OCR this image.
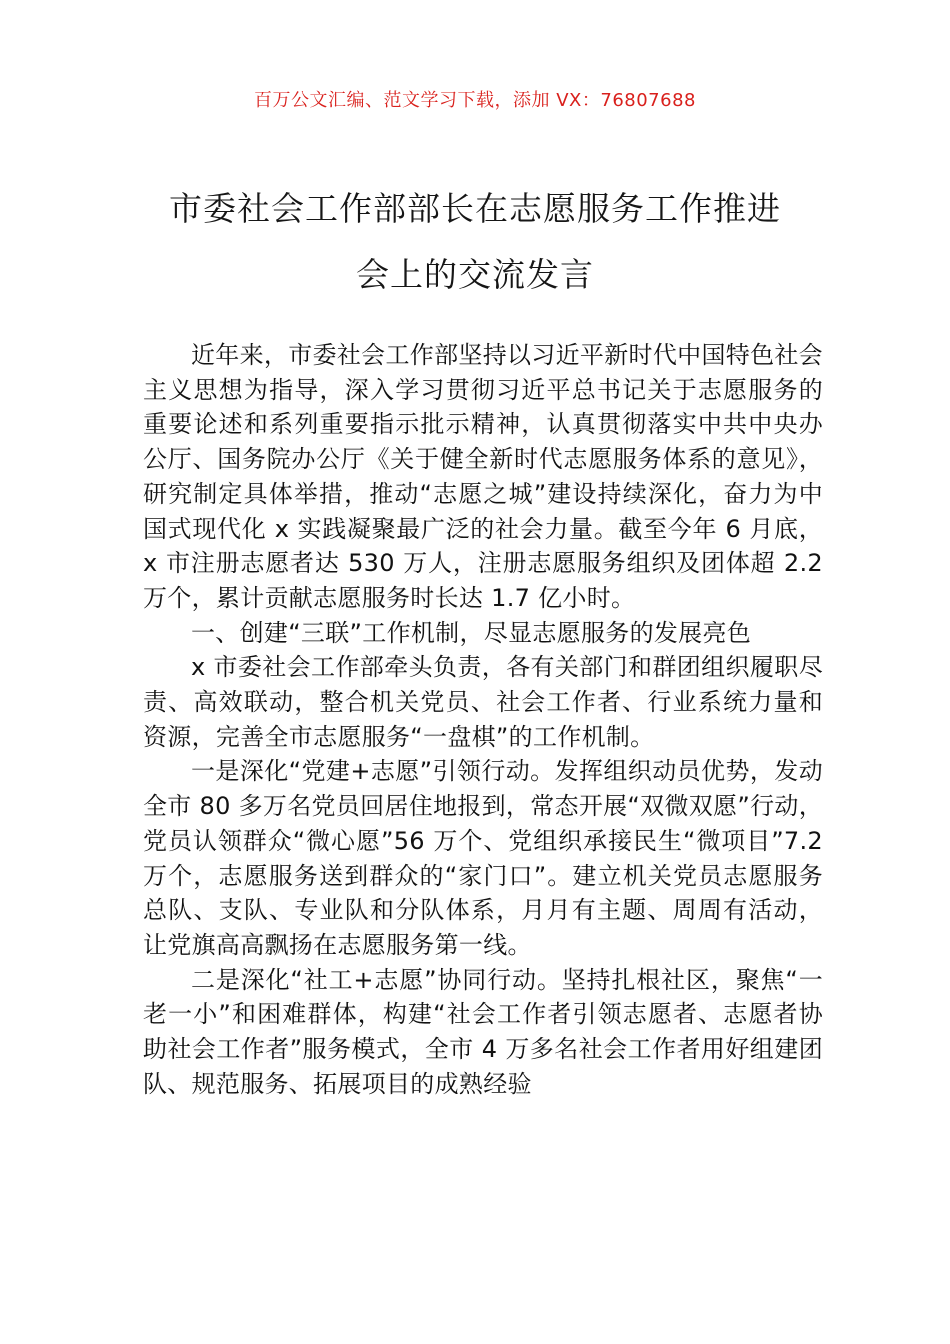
百万公文汇编、范文学习下载，添加 VX：76807688
市委社会工作部部长在志愿服务工作推进
会上的交流发言

近年来，市委社会工作部坚持以习近平新时代中国特色社会主义思想为指导，深入学习贯彻习近平总书记关于志愿服务的重要论述和系列重要指示批示精神，认真贯彻落实中共中央办公厅、国务院办公厅《关于健全新时代志愿服务体系的意见》，研究制定具体举措，推动“志愿之城”建设持续深化，奋力为中国式现代化 x 实践凝聚最广泛的社会力量。截至今年 6 月底，x 市注册志愿者达 530 万人，注册志愿服务组织及团体超 2.2 万个，累计贡献志愿服务时长达 1.7 亿小时。

一、创建“三联”工作机制，尽显志愿服务的发展亮色

x 市委社会工作部牵头负责，各有关部门和群团组织履职尽责、高效联动，整合机关党员、社会工作者、行业系统力量和资源，完善全市志愿服务“一盘棋”的工作机制。

一是深化“党建+志愿”引领行动。发挥组织动员优势，发动全市 80 多万名党员回居住地报到，常态开展“双微双愿”行动，党员认领群众“微心愿”56 万个、党组织承接民生“微项目”7.2 万个，志愿服务送到群众的“家门口”。建立机关党员志愿服务总队、支队、专业队和分队体系，月月有主题、周周有活动，让党旗高高飘扬在志愿服务第一线。

二是深化“社工+志愿”协同行动。坚持扎根社区，聚焦“一老一小”和困难群体，构建“社会工作者引领志愿者、志愿者协助社会工作者”服务模式，全市 4 万多名社会工作者用好组建团队、规范服务、拓展项目的成熟经验
